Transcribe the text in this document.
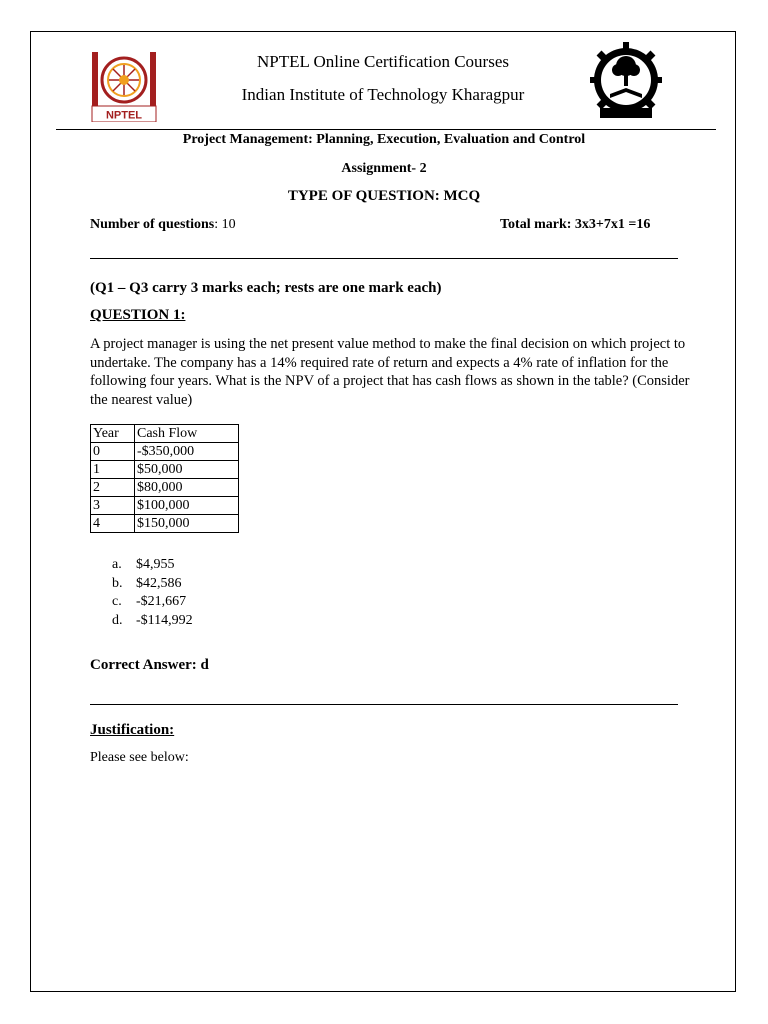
NPTEL
NPTEL Online Certification Courses
Indian Institute of Technology Kharagpur
Project Management: Planning, Execution, Evaluation and Control
Assignment- 2
TYPE OF QUESTION: MCQ
Number of questions: 10	Total mark: 3x3+7x1 =16
(Q1 – Q3 carry 3 marks each; rests are one mark each)
QUESTION 1:
A project manager is using the net present value method to make the final decision on which project to undertake. The company has a 14% required rate of return and expects a 4% rate of inflation for the following four years. What is the NPV of a project that has cash flows as shown in the table? (Consider the nearest value)
Year	Cash Flow
0	-$350,000
1	$50,000
2	$80,000
3	$100,000
4	$150,000
a.	$4,955
b. $42,586
c.	-$21,667
d. -$114,992
Correct Answer: d
Justification:
Please see below:
